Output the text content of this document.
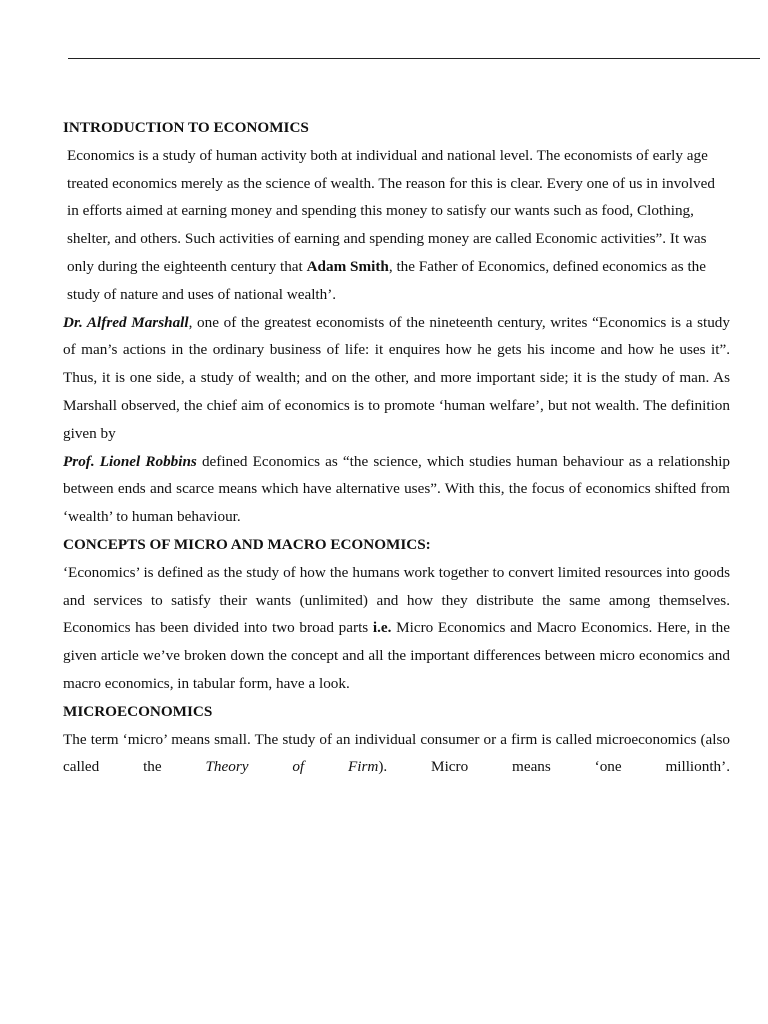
INTRODUCTION TO ECONOMICS

Economics is a study of human activity both at individual and national level. The economists of early age treated economics merely as the science of wealth. The reason for this is clear. Every one of us in involved in efforts aimed at earning money and spending this money to satisfy our wants such as food, Clothing, shelter, and others. Such activities of earning and spending money are called Economic activities”. It was only during the eighteenth century that Adam Smith, the Father of Economics, defined economics as the study of nature and uses of national wealth’.

Dr. Alfred Marshall, one of the greatest economists of the nineteenth century, writes “Economics is a study of man’s actions in the ordinary business of life: it enquires how he gets his income and how he uses it”. Thus, it is one side, a study of wealth; and on the other, and more important side; it is the study of man. As Marshall observed, the chief aim of economics is to promote ‘human welfare’, but not wealth. The definition given by

Prof. Lionel Robbins defined Economics as “the science, which studies human behaviour as a relationship between ends and scarce means which have alternative uses”. With this, the focus of economics shifted from ‘wealth’ to human behaviour.

CONCEPTS OF MICRO AND MACRO ECONOMICS:

‘Economics’ is defined as the study of how the humans work together to convert limited resources into goods and services to satisfy their wants (unlimited) and how they distribute the same among themselves. Economics has been divided into two broad parts i.e. Micro Economics and Macro Economics. Here, in the given article we’ve broken down the concept and all the important differences between micro economics and macro economics, in tabular form, have a look.

MICROECONOMICS

The term ‘micro’ means small. The study of an individual consumer or a firm is called microeconomics (also called the Theory of Firm). Micro means ‘one millionth’.
